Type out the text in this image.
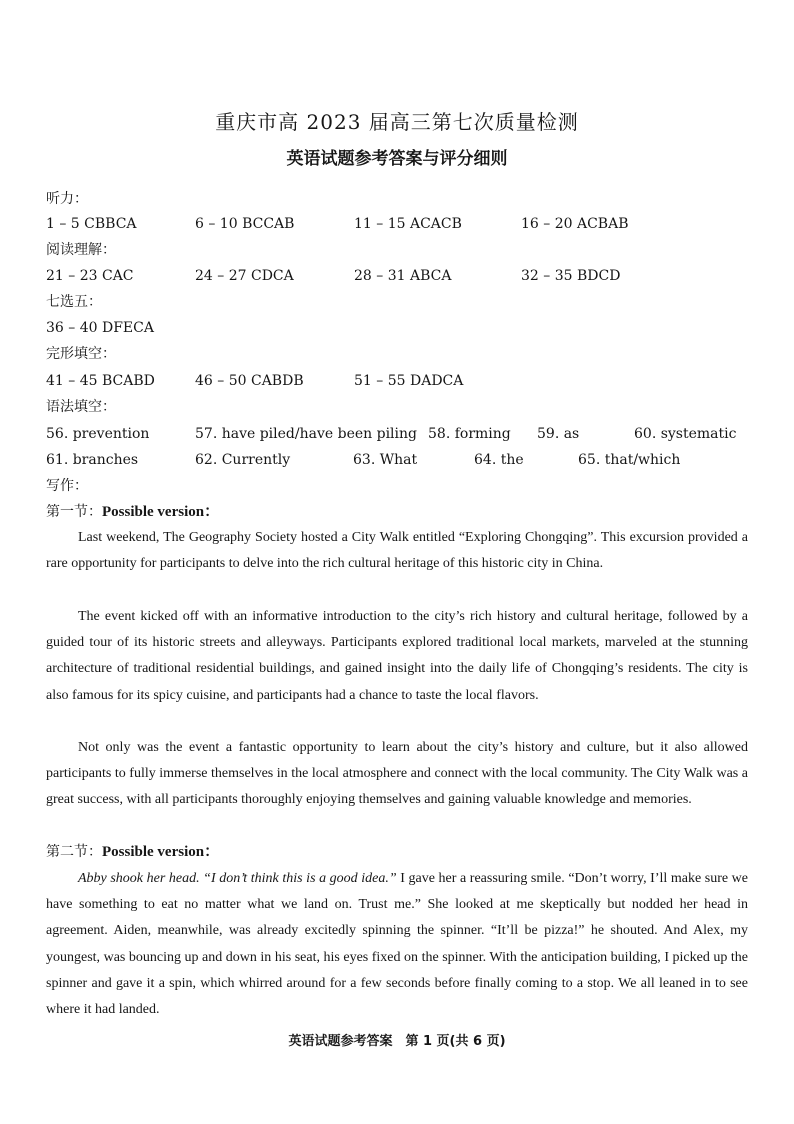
重庆市高 2023 届高三第七次质量检测
英语试题参考答案与评分细则
听力：
1 – 5 CBBCA	6 – 10 BCCAB	11 – 15 ACACB	16 – 20 ACBAB
阅读理解：
21 – 23 CAC	24 – 27 CDCA	28 – 31 ABCA	32 – 35 BDCD
七选五：
36 – 40 DFECA
完形填空：
41 – 45 BCABD	46 – 50 CABDB	51 – 55 DADCA
语法填空：
56. prevention	57. have piled/have been piling 58. forming 59. as	60. systematic
61. branches	62. Currently	63. What	64. the	65. that/which
写作：
第一节：Possible version：
Last weekend, The Geography Society hosted a City Walk entitled “Exploring Chongqing”. This excursion provided a rare opportunity for participants to delve into the rich cultural heritage of this historic city in China.
The event kicked off with an informative introduction to the city’s rich history and cultural heritage, followed by a guided tour of its historic streets and alleyways. Participants explored traditional local markets, marveled at the stunning architecture of traditional residential buildings, and gained insight into the daily life of Chongqing’s residents. The city is also famous for its spicy cuisine, and participants had a chance to taste the local flavors.
Not only was the event a fantastic opportunity to learn about the city’s history and culture, but it also allowed participants to fully immerse themselves in the local atmosphere and connect with the local community. The City Walk was a great success, with all participants thoroughly enjoying themselves and gaining valuable knowledge and memories.
第二节：Possible version：
Abby shook her head. “I don’t think this is a good idea.” I gave her a reassuring smile. “Don’t worry, I’ll make sure we have something to eat no matter what we land on. Trust me.” She looked at me skeptically but nodded her head in agreement. Aiden, meanwhile, was already excitedly spinning the spinner. “It’ll be pizza!” he shouted. And Alex, my youngest, was bouncing up and down in his seat, his eyes fixed on the spinner. With the anticipation building, I picked up the spinner and gave it a spin, which whirred around for a few seconds before finally coming to a stop. We all leaned in to see where it had landed.
英语试题参考答案　第 1 页(共 6 页)
